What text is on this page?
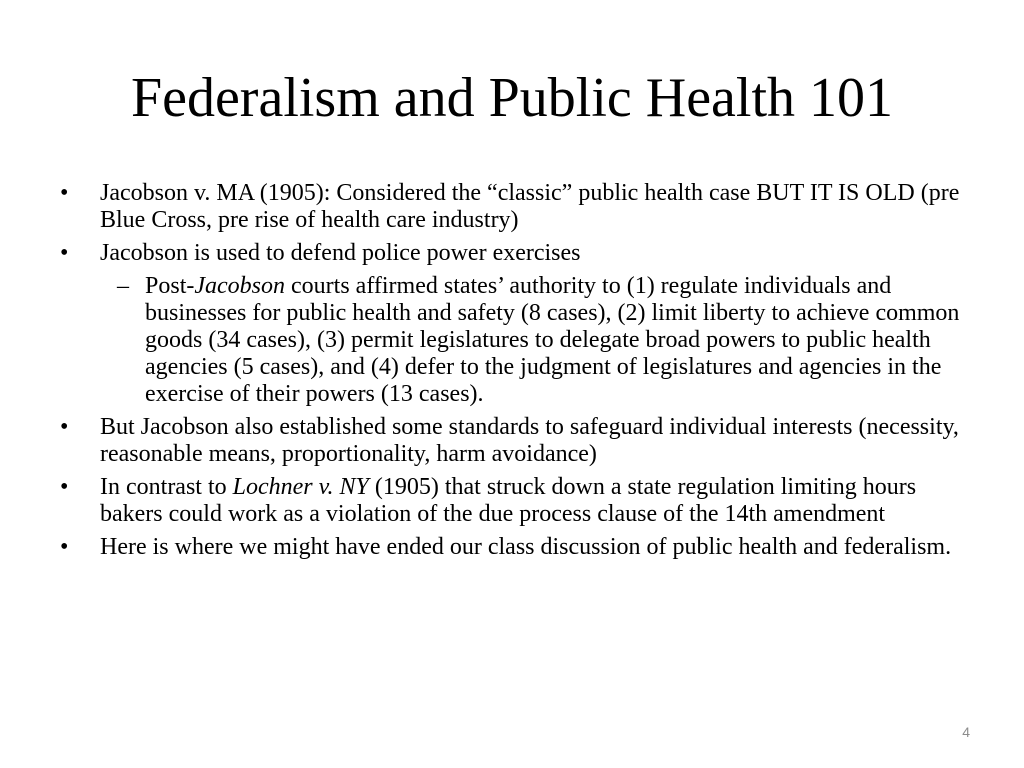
Federalism and Public Health 101
•	Jacobson v. MA (1905): Considered the “classic” public health case BUT IT IS OLD (pre Blue Cross, pre rise of health care industry)
•	Jacobson is used to defend police power exercises
– Post-Jacobson courts affirmed states’ authority to (1) regulate individuals and businesses for public health and safety (8 cases), (2) limit liberty to achieve common goods (34 cases), (3) permit legislatures to delegate broad powers to public health agencies (5 cases), and (4) defer to the judgment of legislatures and agencies in the exercise of their powers (13 cases).
•	But Jacobson also established some standards to safeguard individual interests (necessity, reasonable means, proportionality, harm avoidance)
•	In contrast to Lochner v. NY (1905) that struck down a state regulation limiting hours bakers could work as a violation of the due process clause of the 14th amendment
•	Here is where we might have ended our class discussion of public health and federalism.
4
